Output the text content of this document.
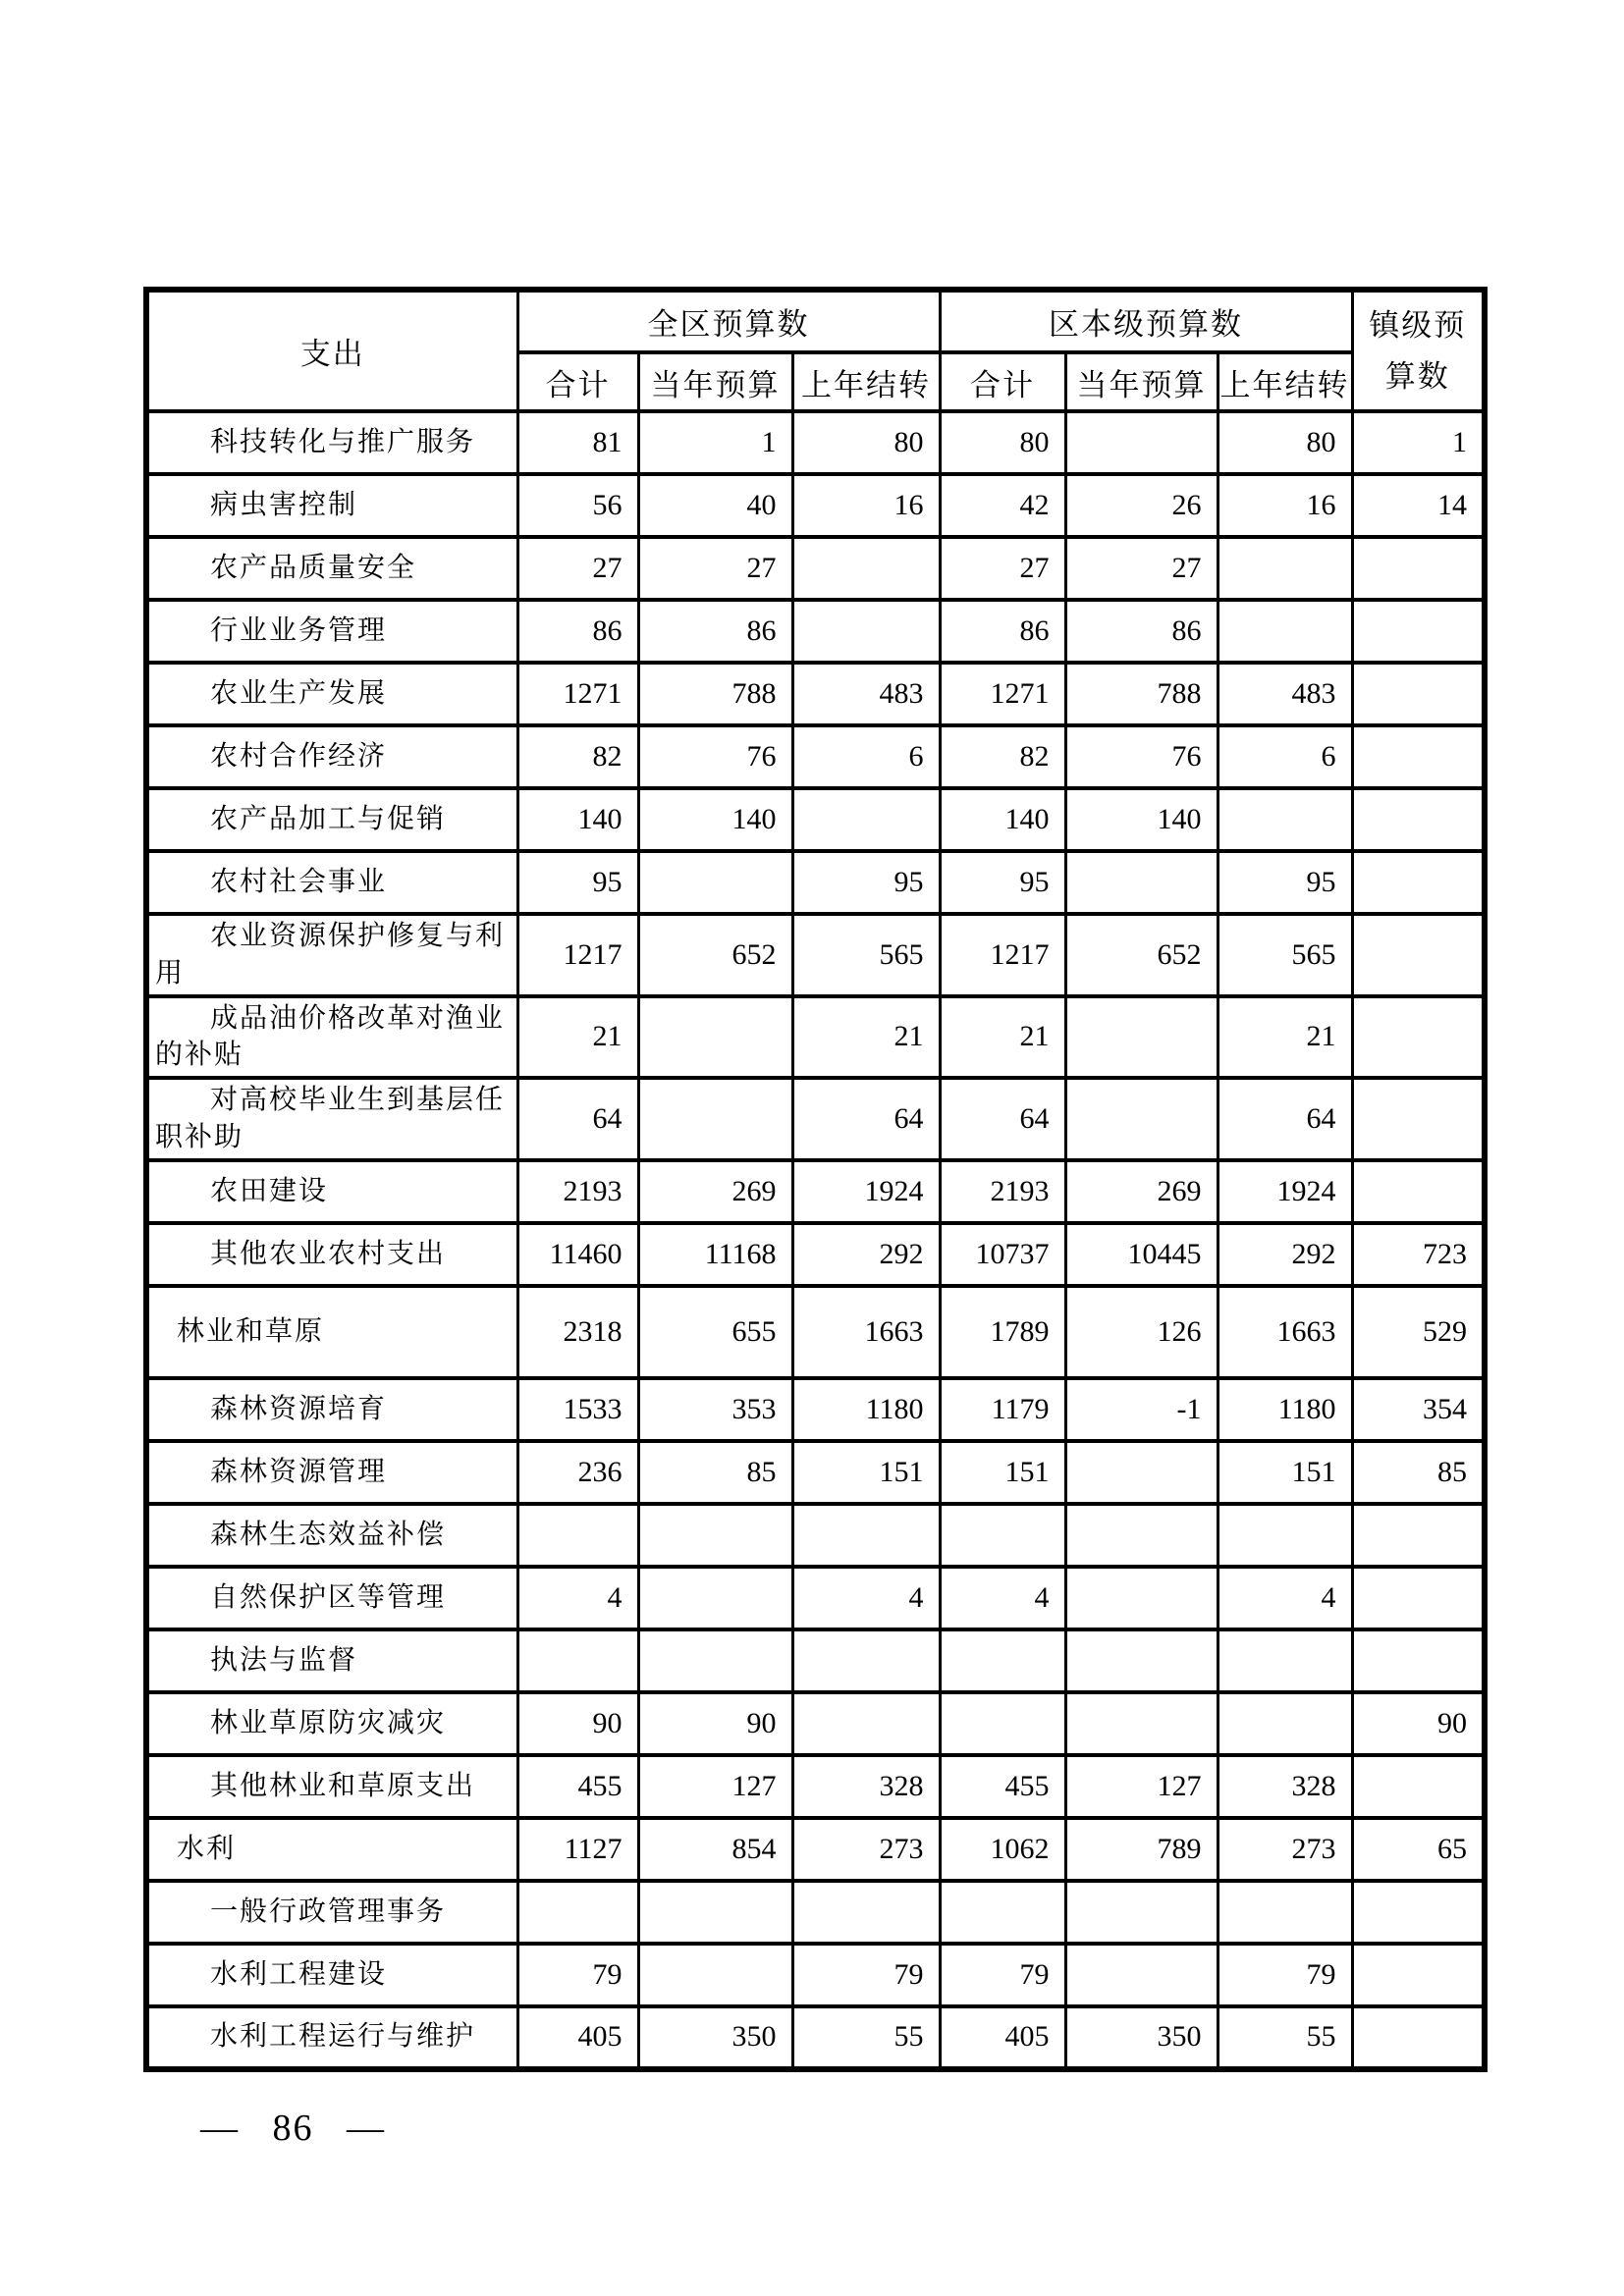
支出	全区预算数			区本级预算数			镇级预算数
	合计	当年预算	上年结转	合计	当年预算	上年结转	
科技转化与推广服务	81	1	80	80		80	1
病虫害控制	56	40	16	42	26	16	14
农产品质量安全	27	27		27	27		
行业业务管理	86	86		86	86		
农业生产发展	1271	788	483	1271	788	483	
农村合作经济	82	76	6	82	76	6	
农产品加工与促销	140	140		140	140		
农村社会事业	95		95	95		95	
农业资源保护修复与利用	1217	652	565	1217	652	565	
成品油价格改革对渔业的补贴	21		21	21		21	
对高校毕业生到基层任职补助	64		64	64		64	
农田建设	2193	269	1924	2193	269	1924	
其他农业农村支出	11460	11168	292	10737	10445	292	723
林业和草原	2318	655	1663	1789	126	1663	529
森林资源培育	1533	353	1180	1179	-1	1180	354
森林资源管理	236	85	151	151		151	85
森林生态效益补偿							
自然保护区等管理	4		4	4		4	
执法与监督							
林业草原防灾减灾	90	90					90
其他林业和草原支出	455	127	328	455	127	328	
水利	1127	854	273	1062	789	273	65
一般行政管理事务							
水利工程建设	79		79	79		79	
水利工程运行与维护	405	350	55	405	350	55	
— 86 —
